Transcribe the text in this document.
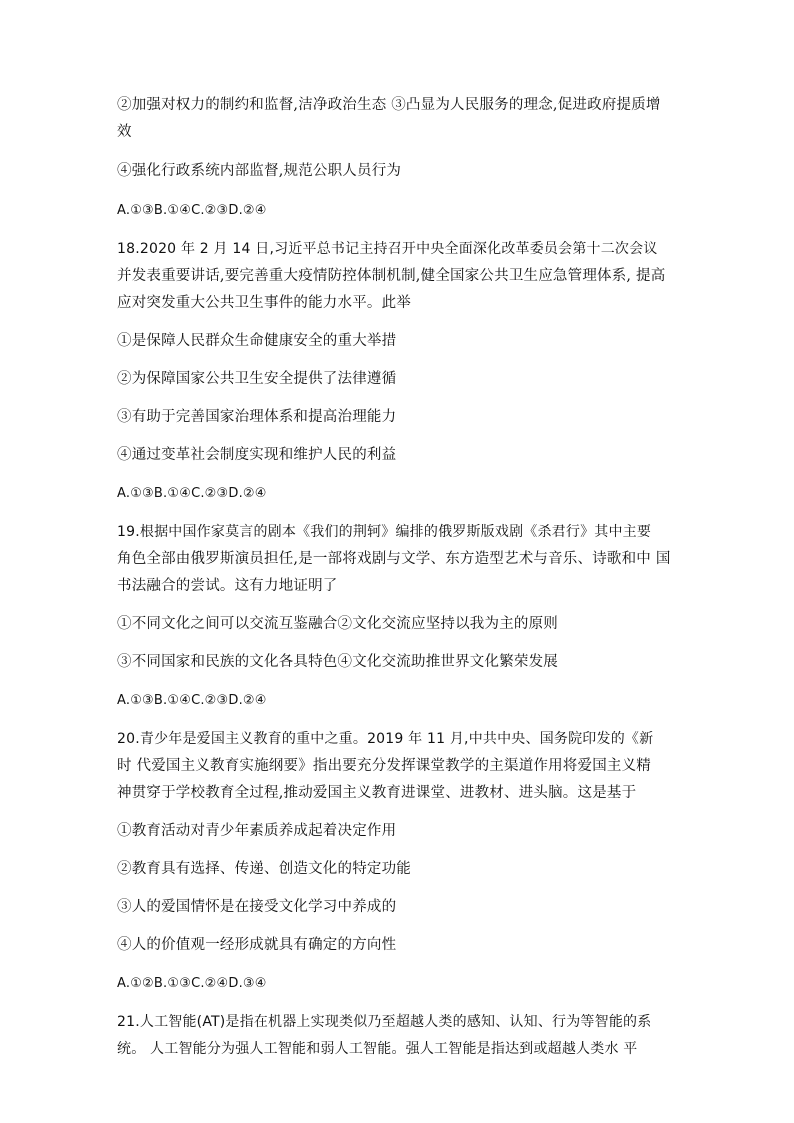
②加强对权力的制约和监督,洁净政治生态 ③凸显为人民服务的理念,促进政府提质增
效
④强化行政系统内部监督,规范公职人员行为
A.①③B.①④C.②③D.②④
18.2020 年 2 月 14 日,习近平总书记主持召开中央全面深化改革委员会第十二次会议
并发表重要讲话,要完善重大疫情防控体制机制,健全国家公共卫生应急管理体系, 提高
应对突发重大公共卫生事件的能力水平。此举
①是保障人民群众生命健康安全的重大举措
②为保障国家公共卫生安全提供了法律遵循
③有助于完善国家治理体系和提高治理能力
④通过变革社会制度实现和维护人民的利益
A.①③B.①④C.②③D.②④
19.根据中国作家莫言的剧本《我们的荆轲》编排的俄罗斯版戏剧《杀君行》其中主要
角色全部由俄罗斯演员担任,是一部将戏剧与文学、东方造型艺术与音乐、诗歌和中 国
书法融合的尝试。这有力地证明了
①不同文化之间可以交流互鉴融合②文化交流应坚持以我为主的原则
③不同国家和民族的文化各具特色④文化交流助推世界文化繁荣发展
A.①③B.①④C.②③D.②④
20.青少年是爱国主义教育的重中之重。2019 年 11 月,中共中央、国务院印发的《新
时 代爱国主义教育实施纲要》指出要充分发挥课堂教学的主渠道作用将爱国主义精
神贯穿于学校教育全过程,推动爱国主义教育进课堂、进教材、进头脑。这是基于
①教育活动对青少年素质养成起着决定作用
②教育具有选择、传递、创造文化的特定功能
③人的爱国情怀是在接受文化学习中养成的
④人的价值观一经形成就具有确定的方向性
A.①②B.①③C.②④D.③④
21.人工智能(AT)是指在机器上实现类似乃至超越人类的感知、认知、行为等智能的系
统。 人工智能分为强人工智能和弱人工智能。强人工智能是指达到或超越人类水 平
